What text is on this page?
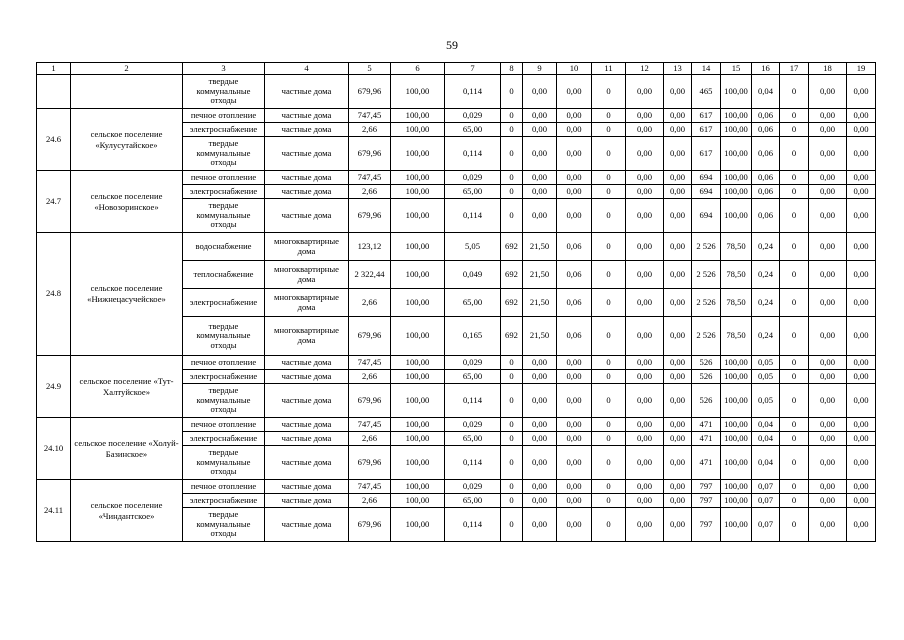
59
1	2	3	4	5	6	7	8	9	10	11	12	13	14	15	16	17	18	19
		твердые коммунальные отходы	частные дома	679,96	100,00	0,114	0	0,00	0,00	0	0,00	0,00	465	100,00	0,04	0	0,00	0,00
24.6	сельское поселение «Кулусутайское»	печное отопление	частные дома	747,45	100,00	0,029	0	0,00	0,00	0	0,00	0,00	617	100,00	0,06	0	0,00	0,00
		электроснабжение	частные дома	2,66	100,00	65,00	0	0,00	0,00	0	0,00	0,00	617	100,00	0,06	0	0,00	0,00
		твердые коммунальные отходы	частные дома	679,96	100,00	0,114	0	0,00	0,00	0	0,00	0,00	617	100,00	0,06	0	0,00	0,00
24.7	сельское поселение «Новозоринское»	печное отопление	частные дома	747,45	100,00	0,029	0	0,00	0,00	0	0,00	0,00	694	100,00	0,06	0	0,00	0,00
		электроснабжение	частные дома	2,66	100,00	65,00	0	0,00	0,00	0	0,00	0,00	694	100,00	0,06	0	0,00	0,00
		твердые коммунальные отходы	частные дома	679,96	100,00	0,114	0	0,00	0,00	0	0,00	0,00	694	100,00	0,06	0	0,00	0,00
24.8	сельское поселение «Нижнецасучейское»	водоснабжение	многоквартирные дома	123,12	100,00	5,05	692	21,50	0,06	0	0,00	0,00	2 526	78,50	0,24	0	0,00	0,00
		теплоснабжение	многоквартирные дома	2 322,44	100,00	0,049	692	21,50	0,06	0	0,00	0,00	2 526	78,50	0,24	0	0,00	0,00
		электроснабжение	многоквартирные дома	2,66	100,00	65,00	692	21,50	0,06	0	0,00	0,00	2 526	78,50	0,24	0	0,00	0,00
		твердые коммунальные отходы	многоквартирные дома	679,96	100,00	0,165	692	21,50	0,06	0	0,00	0,00	2 526	78,50	0,24	0	0,00	0,00
24.9	сельское поселение «Тут-Халтуйское»	печное отопление	частные дома	747,45	100,00	0,029	0	0,00	0,00	0	0,00	0,00	526	100,00	0,05	0	0,00	0,00
		электроснабжение	частные дома	2,66	100,00	65,00	0	0,00	0,00	0	0,00	0,00	526	100,00	0,05	0	0,00	0,00
		твердые коммунальные отходы	частные дома	679,96	100,00	0,114	0	0,00	0,00	0	0,00	0,00	526	100,00	0,05	0	0,00	0,00
24.10	сельское поселение «Холуй-Базинское»	печное отопление	частные дома	747,45	100,00	0,029	0	0,00	0,00	0	0,00	0,00	471	100,00	0,04	0	0,00	0,00
		электроснабжение	частные дома	2,66	100,00	65,00	0	0,00	0,00	0	0,00	0,00	471	100,00	0,04	0	0,00	0,00
		твердые коммунальные отходы	частные дома	679,96	100,00	0,114	0	0,00	0,00	0	0,00	0,00	471	100,00	0,04	0	0,00	0,00
24.11	сельское поселение «Чиндантское»	печное отопление	частные дома	747,45	100,00	0,029	0	0,00	0,00	0	0,00	0,00	797	100,00	0,07	0	0,00	0,00
		электроснабжение	частные дома	2,66	100,00	65,00	0	0,00	0,00	0	0,00	0,00	797	100,00	0,07	0	0,00	0,00
		твердые коммунальные отходы	частные дома	679,96	100,00	0,114	0	0,00	0,00	0	0,00	0,00	797	100,00	0,07	0	0,00	0,00
